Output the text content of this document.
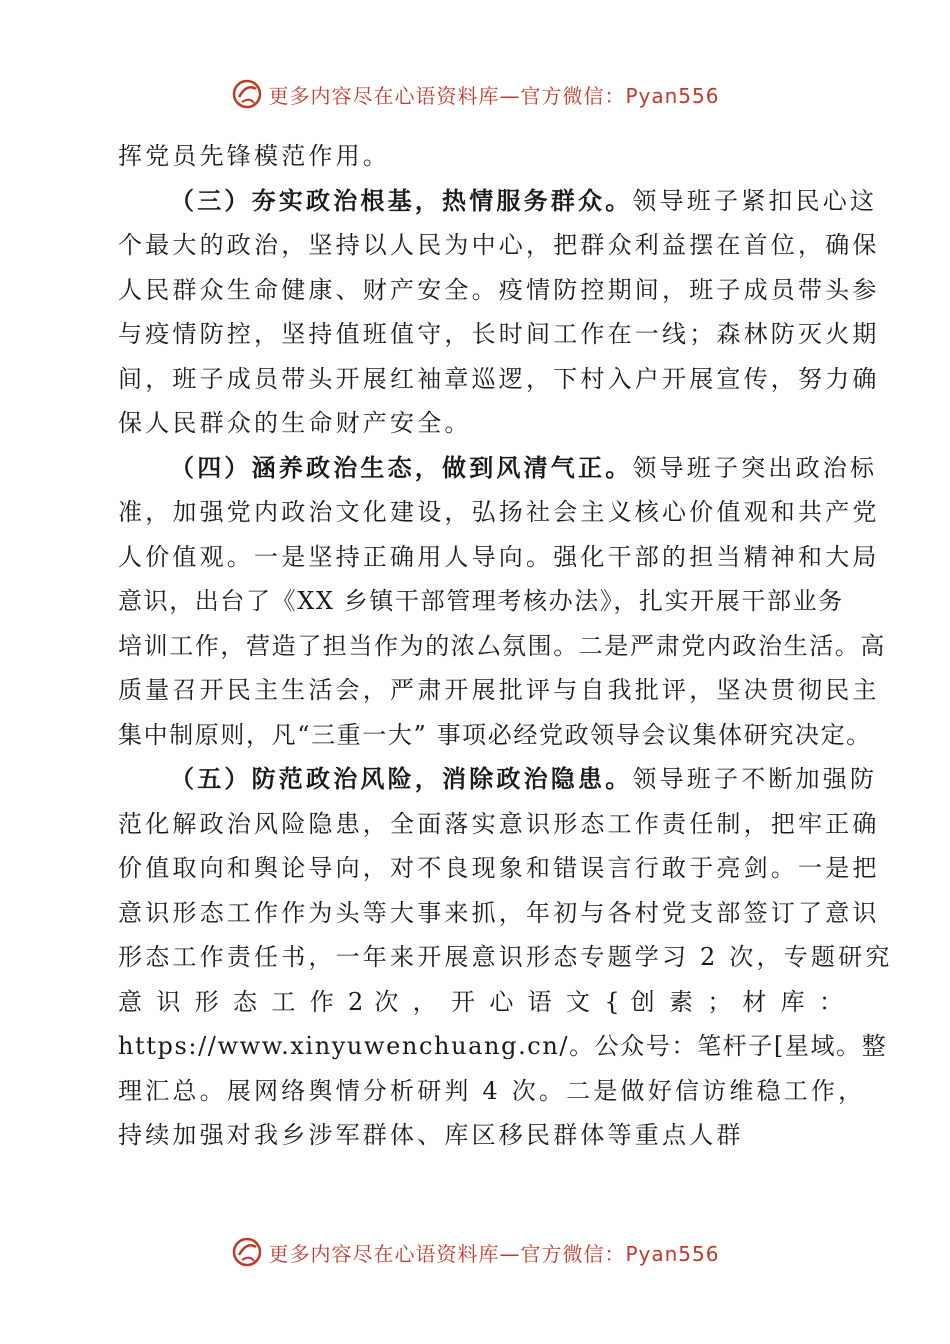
更多内容尽在心语资料库—官方微信：Pyan556
挥党员先锋模范作用。
（三）夯实政治根基，热情服务群众。领导班子紧扣民心这
个最大的政治，坚持以人民为中心，把群众利益摆在首位，确保
人民群众生命健康、财产安全。疫情防控期间，班子成员带头参
与疫情防控，坚持值班值守，长时间工作在一线；森林防灭火期
间，班子成员带头开展红袖章巡逻，下村入户开展宣传，努力确
保人民群众的生命财产安全。
（四）涵养政治生态，做到风清气正。领导班子突出政治标
准，加强党内政治文化建设，弘扬社会主义核心价值观和共产党
人价值观。一是坚持正确用人导向。强化干部的担当精神和大局
意识，出台了《XX 乡镇干部管理考核办法》，扎实开展干部业务
培训工作，营造了担当作为的浓厶氛围。二是严肃党内政治生活。高
质量召开民主生活会，严肃开展批评与自我批评，坚决贯彻民主
集中制原则，凡“三重一大” 事项必经党政领导会议集体研究决定。
（五）防范政治风险，消除政治隐患。领导班子不断加强防
范化解政治风险隐患，全面落实意识形态工作责任制，把牢正确
价值取向和舆论导向，对不良现象和错误言行敢于亮剑。一是把
意识形态工作作为头等大事来抓，年初与各村党支部签订了意识
形态工作责任书，一年来开展意识形态专题学习 2 次，专题研究
意 识 形 态 工 作 2 次 ， 开 心 语 文 { 创 素 ； 材 库 ：
https://www.xinyuwenchuang.cn/。公众号：笔杆子[星域。整
理汇总。展网络舆情分析研判 4 次。二是做好信访维稳工作，
持续加强对我乡涉军群体、库区移民群体等重点人群
更多内容尽在心语资料库—官方微信：Pyan556
